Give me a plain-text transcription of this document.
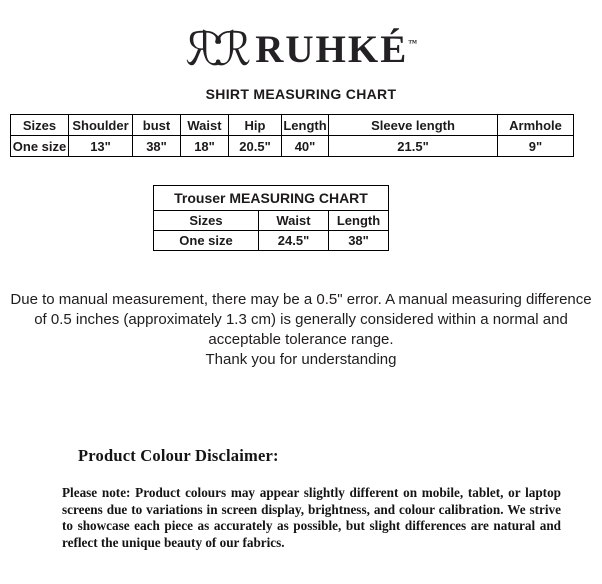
ℛℛ RUHKÉ™
SHIRT MEASURING CHART
Sizes	Shoulder	bust	Waist	Hip	Length	Sleeve length	Armhole
One size	13"	38"	18"	20.5"	40"	21.5"	9"
Trouser MEASURING CHART		
Sizes	Waist	Length
One size	24.5"	38"
Due to manual measurement, there may be a 0.5" error. A manual measuring difference
of 0.5 inches (approximately 1.3 cm) is generally considered within a normal and
acceptable tolerance range.
Thank you for understanding
Product Colour Disclaimer:
Please note: Product colours may appear slightly different on mobile, tablet, or laptop screens due to variations in screen display, brightness, and colour calibration. We strive to showcase each piece as accurately as possible, but slight differences are natural and reflect the unique beauty of our fabrics.
